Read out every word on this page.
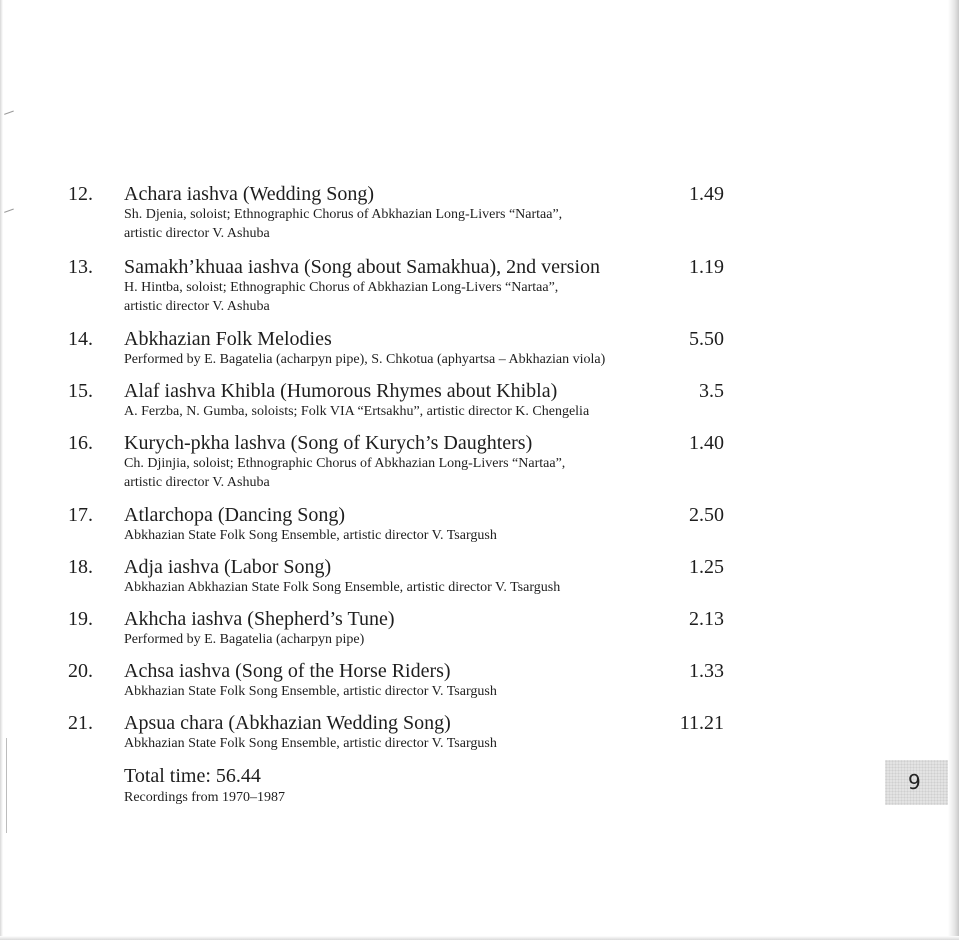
12. Achara iashva (Wedding Song)	1.49
Sh. Djenia, soloist; Ethnographic Chorus of Abkhazian Long-Livers “Nartaa”,
artistic director V. Ashuba
13. Samakh’khuaa iashva (Song about Samakhua), 2nd version	1.19
H. Hintba, soloist; Ethnographic Chorus of Abkhazian Long-Livers “Nartaa”,
artistic director V. Ashuba
14. Abkhazian Folk Melodies	5.50
Performed by E. Bagatelia (acharpyn pipe), S. Chkotua (aphyartsa – Abkhazian viola)
15. Alaf iashva Khibla (Humorous Rhymes about Khibla)	3.5
A. Ferzba, N. Gumba, soloists; Folk VIA “Ertsakhu”, artistic director K. Chengelia
16. Kurych-pkha lashva (Song of Kurych’s Daughters)	1.40
Ch. Djinjia, soloist; Ethnographic Chorus of Abkhazian Long-Livers “Nartaa”,
artistic director V. Ashuba
17. Atlarchopa (Dancing Song)	2.50
Abkhazian State Folk Song Ensemble, artistic director V. Tsargush
18. Adja iashva (Labor Song)	1.25
Abkhazian Abkhazian State Folk Song Ensemble, artistic director V. Tsargush
19. Akhcha iashva (Shepherd’s Tune)	2.13
Performed by E. Bagatelia (acharpyn pipe)
20. Achsa iashva (Song of the Horse Riders)	1.33
Abkhazian State Folk Song Ensemble, artistic director V. Tsargush
21. Apsua chara (Abkhazian Wedding Song)	11.21
Abkhazian State Folk Song Ensemble, artistic director V. Tsargush
Total time: 56.44
Recordings from 1970–1987
9
